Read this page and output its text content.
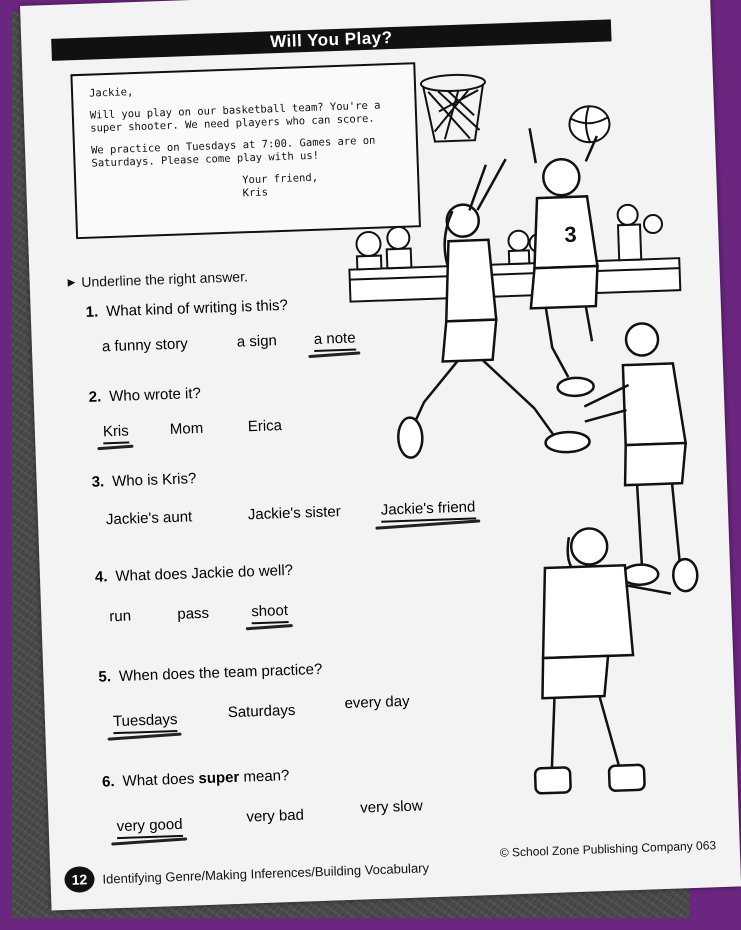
Will You Play?

Jackie,

Will you play on our basketball team? You're a
super shooter. We need players who can score.

We practice on Tuesdays at 7:00. Games are on
Saturdays. Please come play with us!

Your friend,
Kris
3
▶ Underline the right answer.
1. What kind of writing is this?
a funny story	a sign a note
2. Who wrote it?
Kris	Mom	Erica
3. Who is Kris?
Jackie's aunt	Jackie's sister	Jackie's friend
4. What does Jackie do well?
run	pass	shoot
5. When does the team practice?
Tuesdays	Saturdays	every day
6. What does super mean?
very good	very bad	very slow
12	Identifying Genre/Making Inferences/Building Vocabulary
© School Zone Publishing Company 063
